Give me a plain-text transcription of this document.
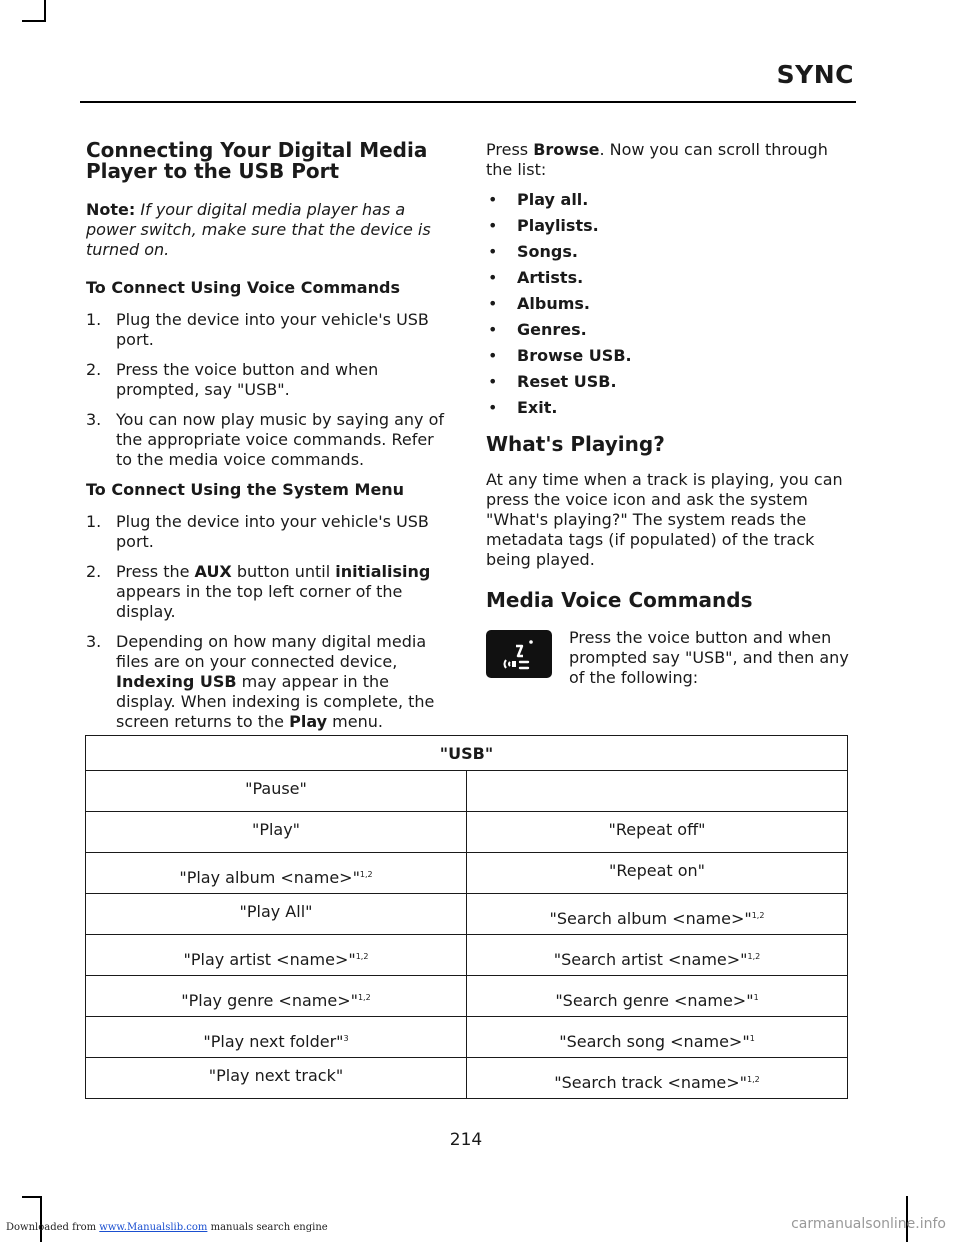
SYNC
Connecting Your Digital Media Player to the USB Port

Note: If your digital media player has a power switch, make sure that the device is turned on.

To Connect Using Voice Commands
1. Plug the device into your vehicle's USB port.
2. Press the voice button and when prompted, say "USB".
3. You can now play music by saying any of the appropriate voice commands. Refer to the media voice commands.
To Connect Using the System Menu
1. Plug the device into your vehicle's USB port.
2. Press the AUX button until initialising appears in the top left corner of the display.
3. Depending on how many digital media files are on your connected device, Indexing USB may appear in the display. When indexing is complete, the screen returns to the Play menu.

Press Browse. Now you can scroll through the list:

• Play all.
• Playlists.
• Songs.
• Artists.
• Albums.
• Genres.
• Browse USB.
• Reset USB.
• Exit.
What's Playing?

At any time when a track is playing, you can press the voice icon and ask the system "What's playing?" The system reads the metadata tags (if populated) of the track being played.

Media Voice Commands

Press the voice button and when prompted say "USB", and then any of the following:

"USB"	
"Pause"	
"Play"	"Repeat off"
"Play album <name>"$^{1,2}$	"Repeat on"
"Play All"	"Search album <name>"$^{1,2}$
"Play artist <name>"$^{1,2}$	"Search artist <name>"$^{1,2}$
"Play genre <name>"$^{1,2}$	"Search genre <name>"$^1$
"Play next folder"$^3$	"Search song <name>"$^1$
"Play next track"	"Search track <name>"$^{1,2}$
214
Downloaded from www.Manualslib.com manuals search engine	carmanualsonline.info
